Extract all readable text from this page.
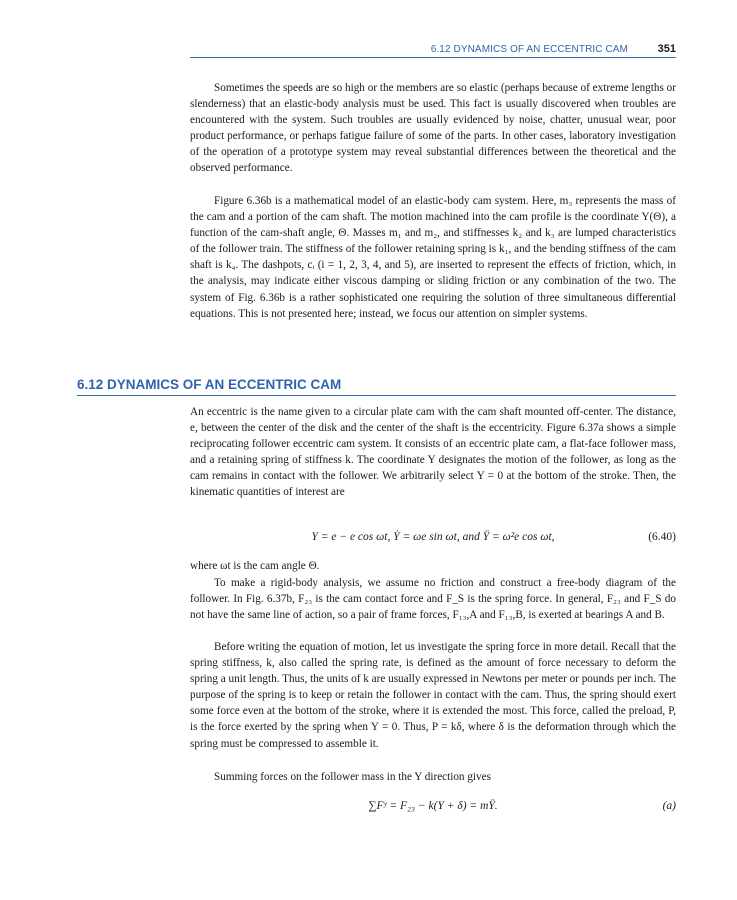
6.12 DYNAMICS OF AN ECCENTRIC CAM	351

Sometimes the speeds are so high or the members are so elastic (perhaps because of extreme lengths or slenderness) that an elastic-body analysis must be used. This fact is usually discovered when troubles are encountered with the system. Such troubles are usually evidenced by noise, chatter, unusual wear, poor product performance, or perhaps fatigue failure of some of the parts. In other cases, laboratory investigation of the operation of a prototype system may reveal substantial differences between the theoretical and the observed performance.

Figure 6.36b is a mathematical model of an elastic-body cam system. Here, m₃ represents the mass of the cam and a portion of the cam shaft. The motion machined into the cam profile is the coordinate Y(Θ), a function of the cam-shaft angle, Θ. Masses m₁ and m₂, and stiffnesses k₂ and k₃ are lumped characteristics of the follower train. The stiffness of the follower retaining spring is k₁, and the bending stiffness of the cam shaft is k₄. The dashpots, cᵢ (i = 1, 2, 3, 4, and 5), are inserted to represent the effects of friction, which, in the analysis, may indicate either viscous damping or sliding friction or any combination of the two. The system of Fig. 6.36b is a rather sophisticated one requiring the solution of three simultaneous differential equations. This is not presented here; instead, we focus our attention on simpler systems.

6.12 DYNAMICS OF AN ECCENTRIC CAM

An eccentric is the name given to a circular plate cam with the cam shaft mounted off-center. The distance, e, between the center of the disk and the center of the shaft is the eccentricity. Figure 6.37a shows a simple reciprocating follower eccentric cam system. It consists of an eccentric plate cam, a flat-face follower mass, and a retaining spring of stiffness k. The coordinate Y designates the motion of the follower, as long as the cam remains in contact with the follower. We arbitrarily select Y = 0 at the bottom of the stroke. Then, the kinematic quantities of interest are

Y = e − e cos ωt, Ẏ = ωe sin ωt, and Ÿ = ω²e cos ωt,	(6.40)

where ωt is the cam angle Θ.

To make a rigid-body analysis, we assume no friction and construct a free-body diagram of the follower. In Fig. 6.37b, F₂₃ is the cam contact force and F_S is the spring force. In general, F₂₃ and F_S do not have the same line of action, so a pair of frame forces, F₁₃,A and F₁₃,B, is exerted at bearings A and B.

Before writing the equation of motion, let us investigate the spring force in more detail. Recall that the spring stiffness, k, also called the spring rate, is defined as the amount of force necessary to deform the spring a unit length. Thus, the units of k are usually expressed in Newtons per meter or pounds per inch. The purpose of the spring is to keep or retain the follower in contact with the cam. Thus, the spring should exert some force even at the bottom of the stroke, where it is extended the most. This force, called the preload, P, is the force exerted by the spring when Y = 0. Thus, P = kδ, where δ is the deformation through which the spring must be compressed to assemble it.

Summing forces on the follower mass in the Y direction gives

∑Fʸ = F₂₃ − k(Y + δ) = mŸ.	(a)
